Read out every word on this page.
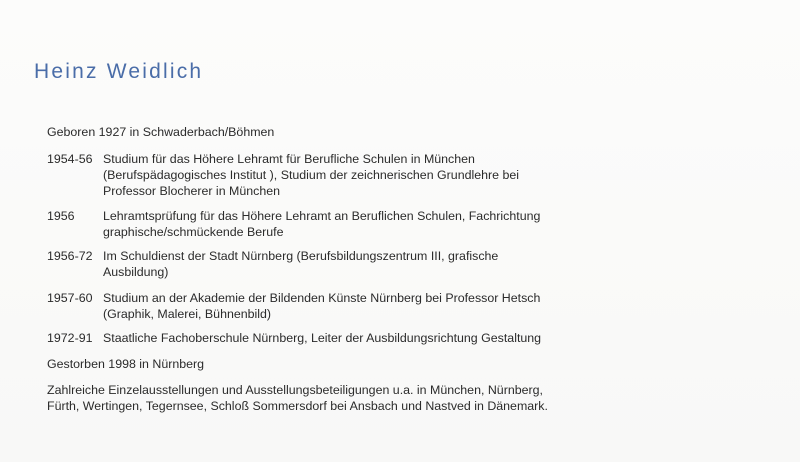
Heinz Weidlich
Geboren 1927 in Schwaderbach/Böhmen
1954-56 Studium für das Höhere Lehramt für Berufliche Schulen in München
(Berufspädagogisches Institut ), Studium der zeichnerischen Grundlehre bei
Professor Blocherer in München
1956 Lehramtsprüfung für das Höhere Lehramt an Beruflichen Schulen, Fachrichtung
graphische/schmückende Berufe
1956-72 Im Schuldienst der Stadt Nürnberg (Berufsbildungszentrum III, grafische
Ausbildung)
1957-60 Studium an der Akademie der Bildenden Künste Nürnberg bei Professor Hetsch
(Graphik, Malerei, Bühnenbild)
1972-91 Staatliche Fachoberschule Nürnberg, Leiter der Ausbildungsrichtung Gestaltung
Gestorben 1998 in Nürnberg
Zahlreiche Einzelausstellungen und Ausstellungsbeteiligungen u.a. in München, Nürnberg,
Fürth, Wertingen, Tegernsee, Schloß Sommersdorf bei Ansbach und Nastved in Dänemark.
